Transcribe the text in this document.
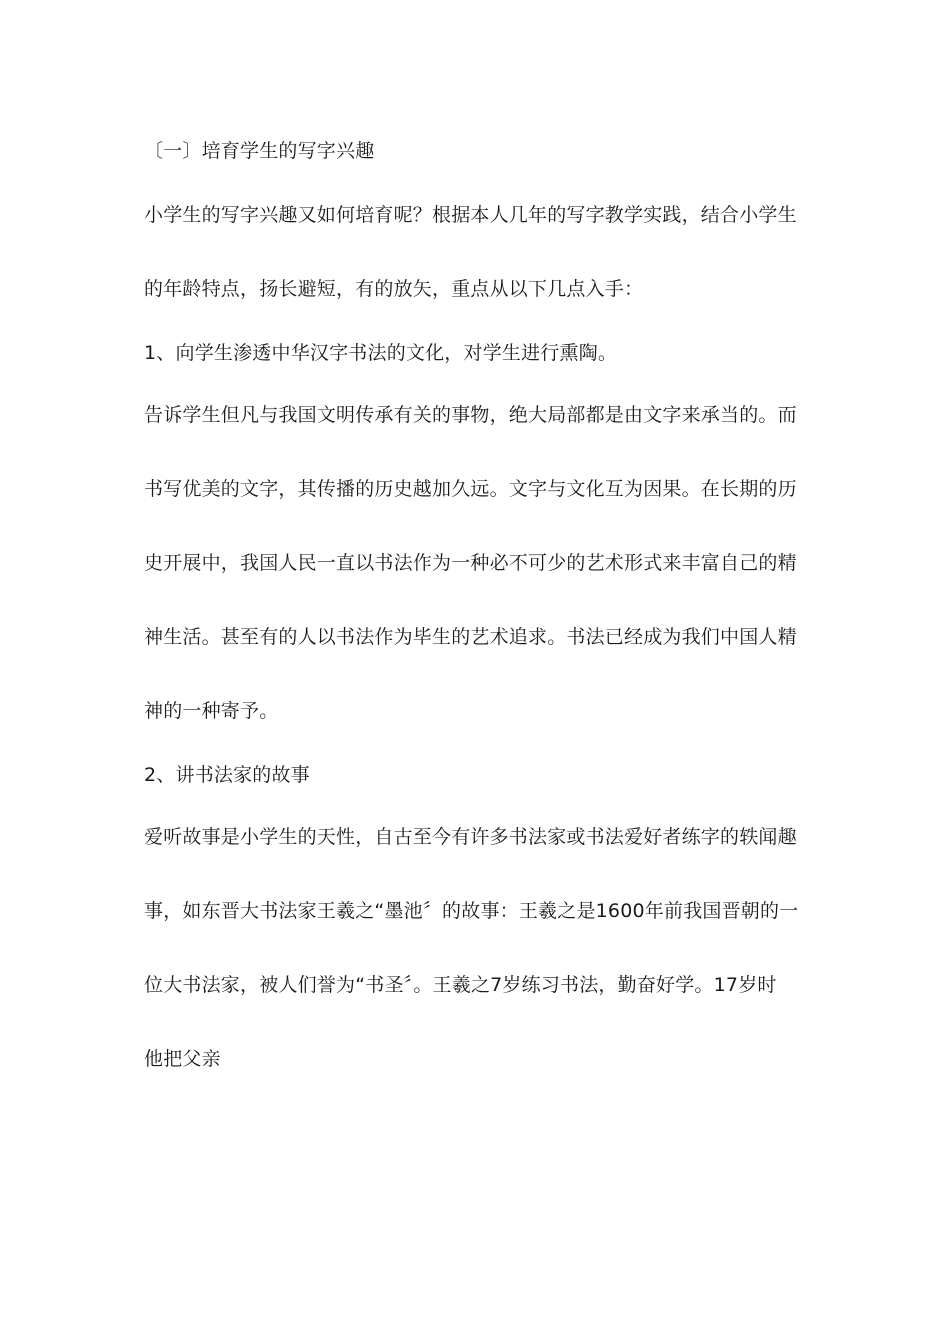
〔一〕培育学生的写字兴趣
小学生的写字兴趣又如何培育呢？根据本人几年的写字教学实践，结合小学生
的年龄特点，扬长避短，有的放矢，重点从以下几点入手：
1、向学生渗透中华汉字书法的文化，对学生进行熏陶。
告诉学生但凡与我国文明传承有关的事物，绝大局部都是由文字来承当的。而
书写优美的文字，其传播的历史越加久远。文字与文化互为因果。在长期的历
史开展中，我国人民一直以书法作为一种必不可少的艺术形式来丰富自己的精
神生活。甚至有的人以书法作为毕生的艺术追求。书法已经成为我们中国人精
神的一种寄予。
2、讲书法家的故事
爱听故事是小学生的天性，自古至今有许多书法家或书法爱好者练字的轶闻趣
事，如东晋大书法家王羲之“墨池〞的故事：王羲之是1600年前我国晋朝的一
位大书法家，被人们誉为“书圣〞。王羲之7岁练习书法，勤奋好学。17岁时
他把父亲
